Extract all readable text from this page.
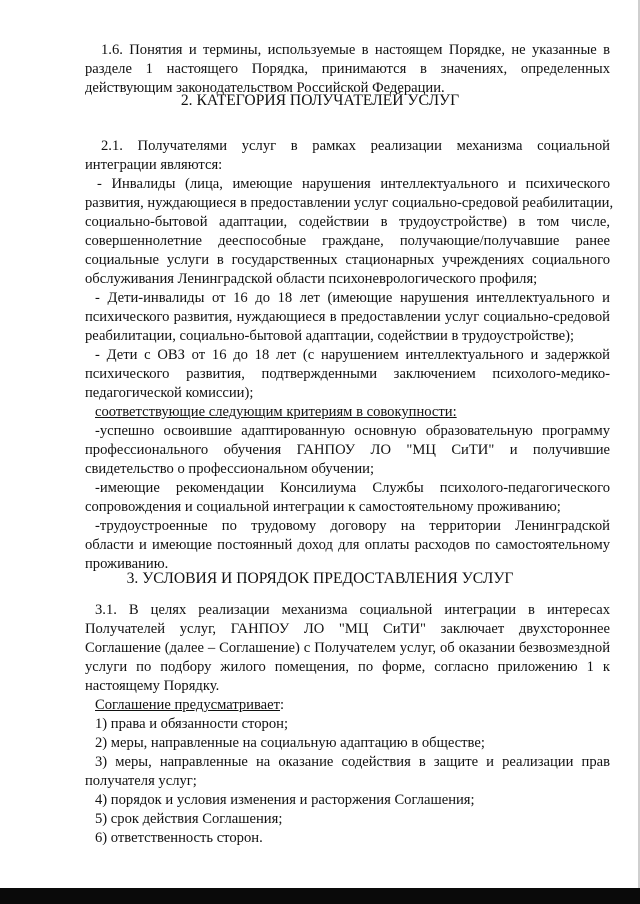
1.6. Понятия и термины, используемые в настоящем Порядке, не указанные в

разделе 1 настоящего Порядка, принимаются в значениях, определенных

действующим законодательством Российской Федерации.

2. КАТЕГОРИЯ ПОЛУЧАТЕЛЕЙ УСЛУГ

2.1. Получателями услуг в рамках реализации механизма социальной

интеграции являются:

- Инвалиды (лица, имеющие нарушения интеллектуального и психического

развития, нуждающиеся в предоставлении услуг социально-средовой реабилитации,

социально-бытовой адаптации, содействии в трудоустройстве) в том числе,

совершеннолетние дееспособные граждане, получающие/получавшие ранее

социальные услуги в государственных стационарных учреждениях социального

обслуживания Ленинградской области психоневрологического профиля;

- Дети-инвалиды от 16 до 18 лет (имеющие нарушения интеллектуального и

психического развития, нуждающиеся в предоставлении услуг социально-средовой

реабилитации, социально-бытовой адаптации, содействии в трудоустройстве);

- Дети с ОВЗ от 16 до 18 лет (с нарушением интеллектуального и задержкой

психического развития, подтвержденными заключением психолого-медико-

педагогической комиссии);

соответствующие следующим критериям в совокупности:

-успешно освоившие адаптированную основную образовательную программу

профессионального обучения ГАНПОУ ЛО "МЦ СиТИ" и получившие

свидетельство о профессиональном обучении;

-имеющие рекомендации Консилиума Службы психолого-педагогического

сопровождения и социальной интеграции к самостоятельному проживанию;

-трудоустроенные по трудовому договору на территории Ленинградской

области и имеющие постоянный доход для оплаты расходов по самостоятельному

проживанию.

3. УСЛОВИЯ И ПОРЯДОК ПРЕДОСТАВЛЕНИЯ УСЛУГ

3.1. В целях реализации механизма социальной интеграции в интересах

Получателей услуг, ГАНПОУ ЛО "МЦ СиТИ" заключает двухстороннее

Соглашение (далее – Соглашение) с Получателем услуг, об оказании безвозмездной

услуги по подбору жилого помещения, по форме, согласно приложению 1 к

настоящему Порядку.

Соглашение предусматривает:

1) права и обязанности сторон;

2) меры, направленные на социальную адаптацию в обществе;

3) меры, направленные на оказание содействия в защите и реализации прав

получателя услуг;

4) порядок и условия изменения и расторжения Соглашения;

5) срок действия Соглашения;

6) ответственность сторон.
